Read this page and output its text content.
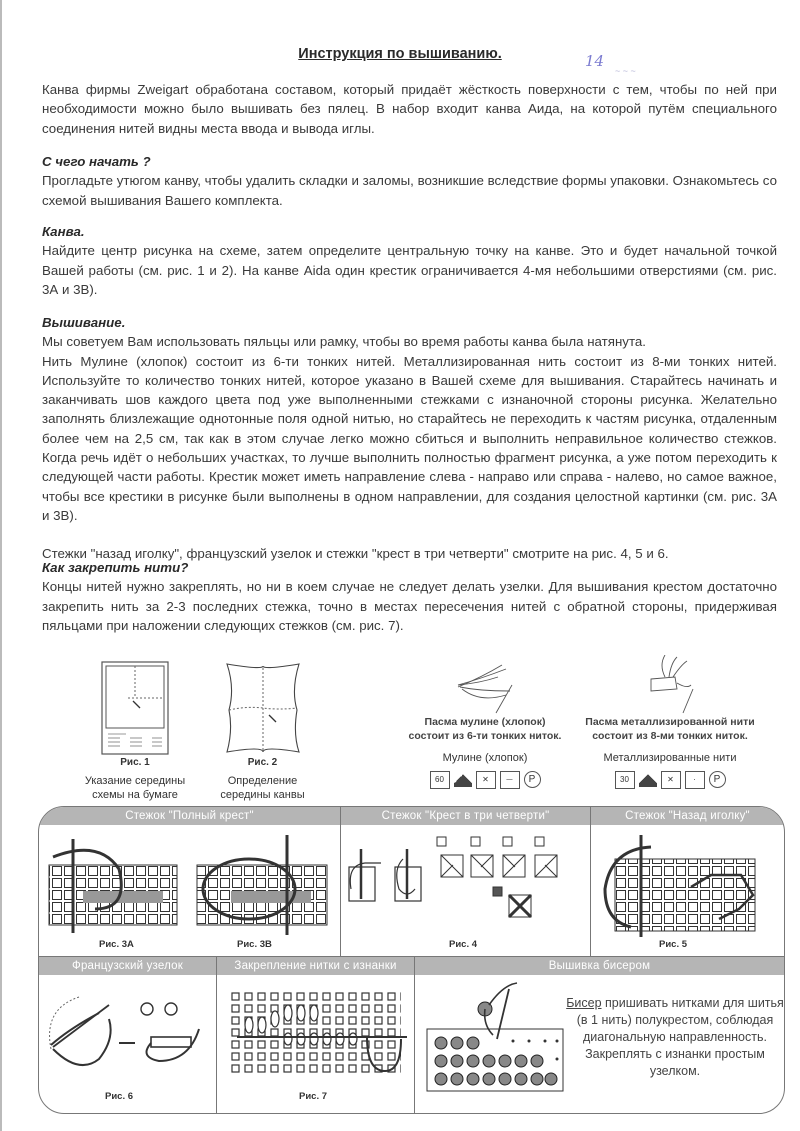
Инструкция по вышиванию.	14
~ ~ ~

Канва фирмы Zweigart обработана составом, который придаёт жёсткость поверхности с тем, чтобы по ней при необходимости можно было вышивать без пялец. В набор входит канва Аида, на которой путём специального соединения нитей видны места ввода и вывода иглы.

С чего начать ?

Прогладьте утюгом канву, чтобы удалить складки и заломы, возникшие вследствие формы упаковки. Ознакомьтесь со схемой вышивания Вашего комплекта.

Канва.

Найдите центр рисунка на схеме, затем определите центральную точку на канве. Это и будет начальной точкой Вашей работы (см. рис. 1 и 2). На канве Aida один крестик ограничивается 4-мя небольшими отверстиями (см. рис. 3А и 3В).

Вышивание.

Мы советуем Вам использовать пяльцы или рамку, чтобы во время работы канва была натянута.

Нить Мулине (хлопок) состоит из 6-ти тонких нитей. Металлизированная нить состоит из 8-ми тонких нитей. Используйте то количество тонких нитей, которое указано в Вашей схеме для вышивания. Старайтесь начинать и заканчивать шов каждого цвета под уже выполненными стежками с изнаночной стороны рисунка. Желательно заполнять близлежащие однотонные поля одной нитью, но старайтесь не переходить к частям рисунка, отдаленным более чем на 2,5 см, так как в этом случае легко можно сбиться и выполнить неправильное количество стежков. Когда речь идёт о небольших участках, то лучше выполнить полностью фрагмент рисунка, а уже потом переходить к следующей части работы. Крестик может иметь направление слева - направо или справа - налево, но самое важное, чтобы все крестики в рисунке были выполнены в одном направлении, для создания целостной картинки (см. рис. 3А и 3В).

Стежки "назад иголку", французский узелок и стежки "крест в три четверти" смотрите на рис. 4, 5 и 6.

Как закрепить нити?

Концы нитей нужно закреплять, но ни в коем случае не следует делать узелки. Для вышивания крестом достаточно закрепить нить за 2-3 последних стежка, точно в местах пересечения нитей с обратной стороны, придерживая пяльцами при наложении следующих стежков (см. рис. 7).

Рис. 1
Указание середины
схемы на бумаге
Рис. 2
Определение
середины канвы
Пасма мулине (хлопок)
состоит из 6-ти тонких ниток.
Мулине (хлопок)
60	✕	⏤	P
Пасма металлизированной нити
состоит из 8-ми тонких ниток.
Металлизированные нити
30	✕	·	P
Стежок "Полный крест"
Рис. 3А	Рис. 3В
Стежок "Крест в три четверти"
Рис. 4
Стежок "Назад иголку"
Рис. 5
Французский узелок
Рис. 6
Закрепление нитки с изнанки
Рис. 7
Вышивка бисером
Бисер пришивать нитками для шитья (в 1 нить) полукрестом, соблюдая диагональную направленность.
Закреплять с изнанки простым узелком.
